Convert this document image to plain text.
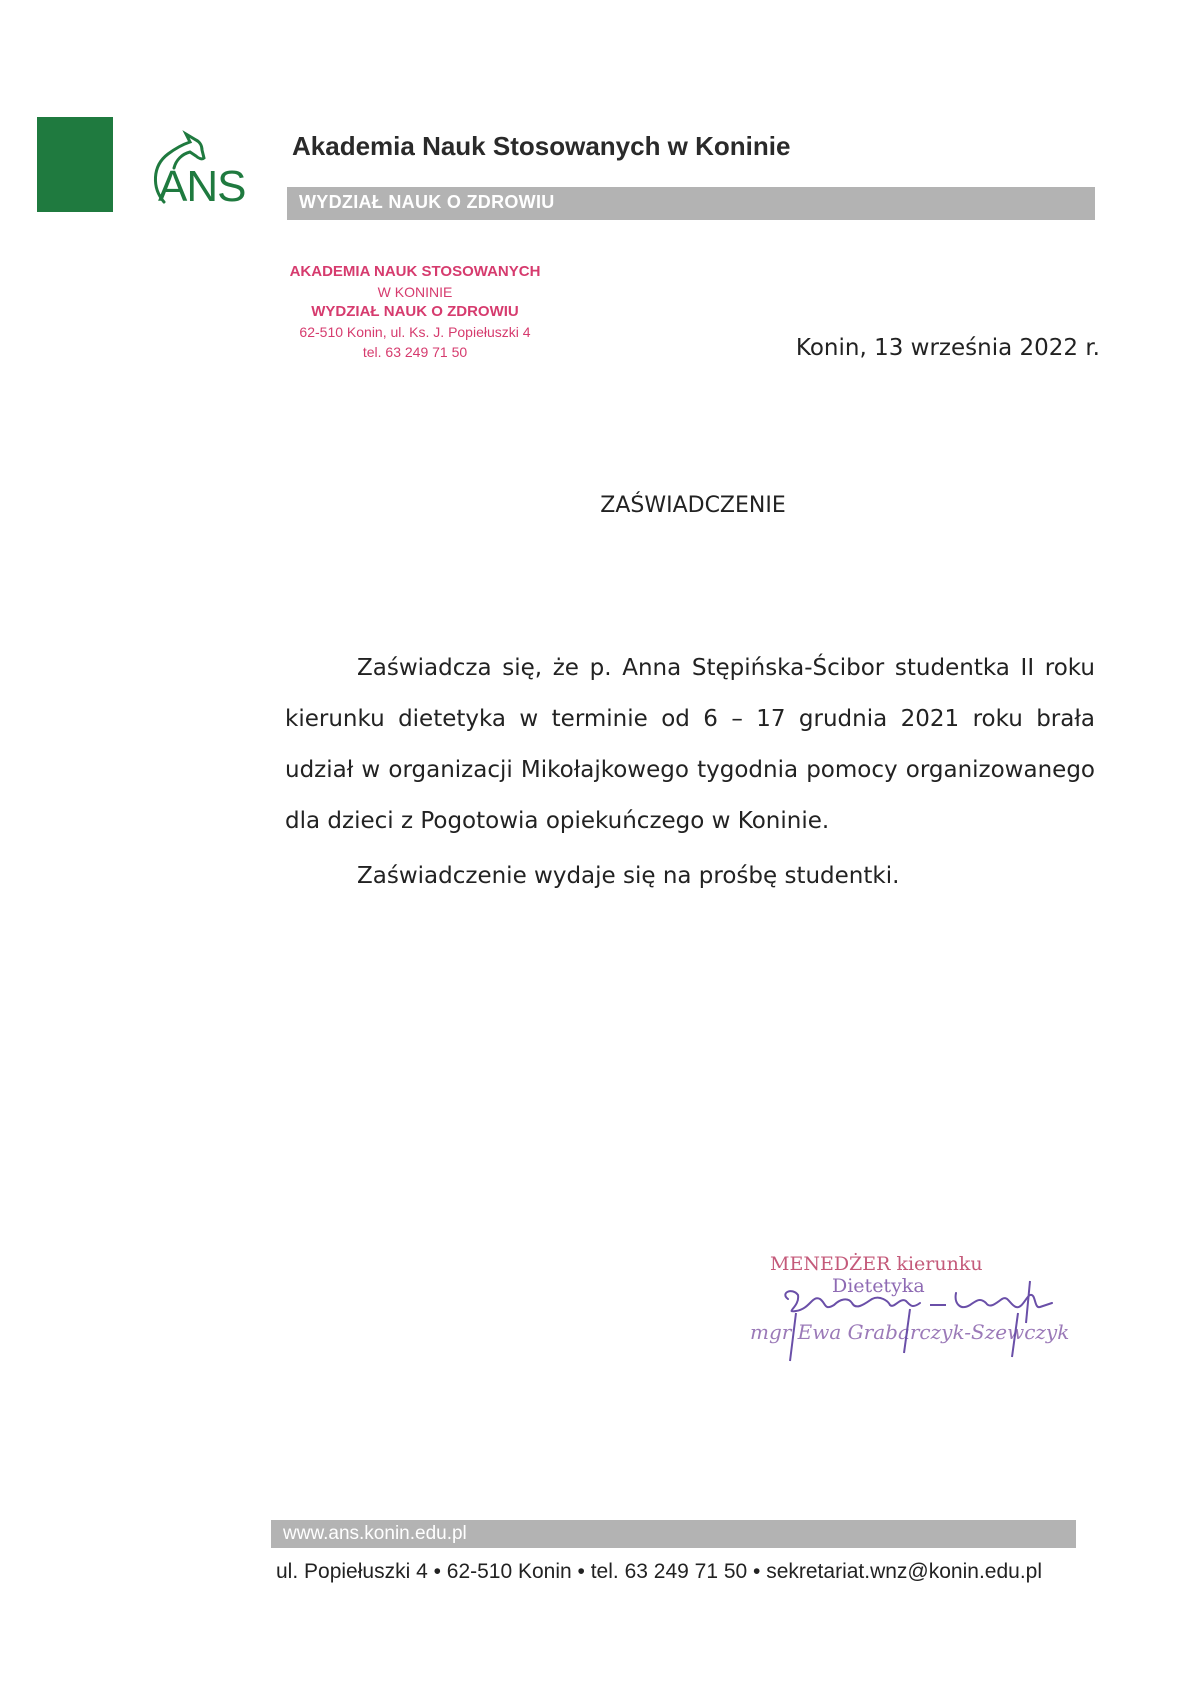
ANS
Akademia Nauk Stosowanych w Koninie
WYDZIAŁ NAUK O ZDROWIU
AKADEMIA NAUK STOSOWANYCH
W KONINIE
WYDZIAŁ NAUK O ZDROWIU
62-510 Konin, ul. Ks. J. Popiełuszki 4
tel. 63 249 71 50	Konin, 13 września 2022 r.
ZAŚWIADCZENIE
Zaświadcza się, że p. Anna Stępińska-Ścibor studentka II roku kierunku dietetyka w terminie od 6 – 17 grudnia 2021 roku brała udział w organizacji Mikołajkowego tygodnia pomocy organizowanego dla dzieci z Pogotowia opiekuńczego w Koninie.
Zaświadczenie wydaje się na prośbę studentki.
MENEDŻER kierunku
Dietetyka
mgr Ewa Grabarczyk-Szewczyk
www.ans.konin.edu.pl
ul. Popiełuszki 4 • 62-510 Konin • tel. 63 249 71 50 • sekretariat.wnz@konin.edu.pl
